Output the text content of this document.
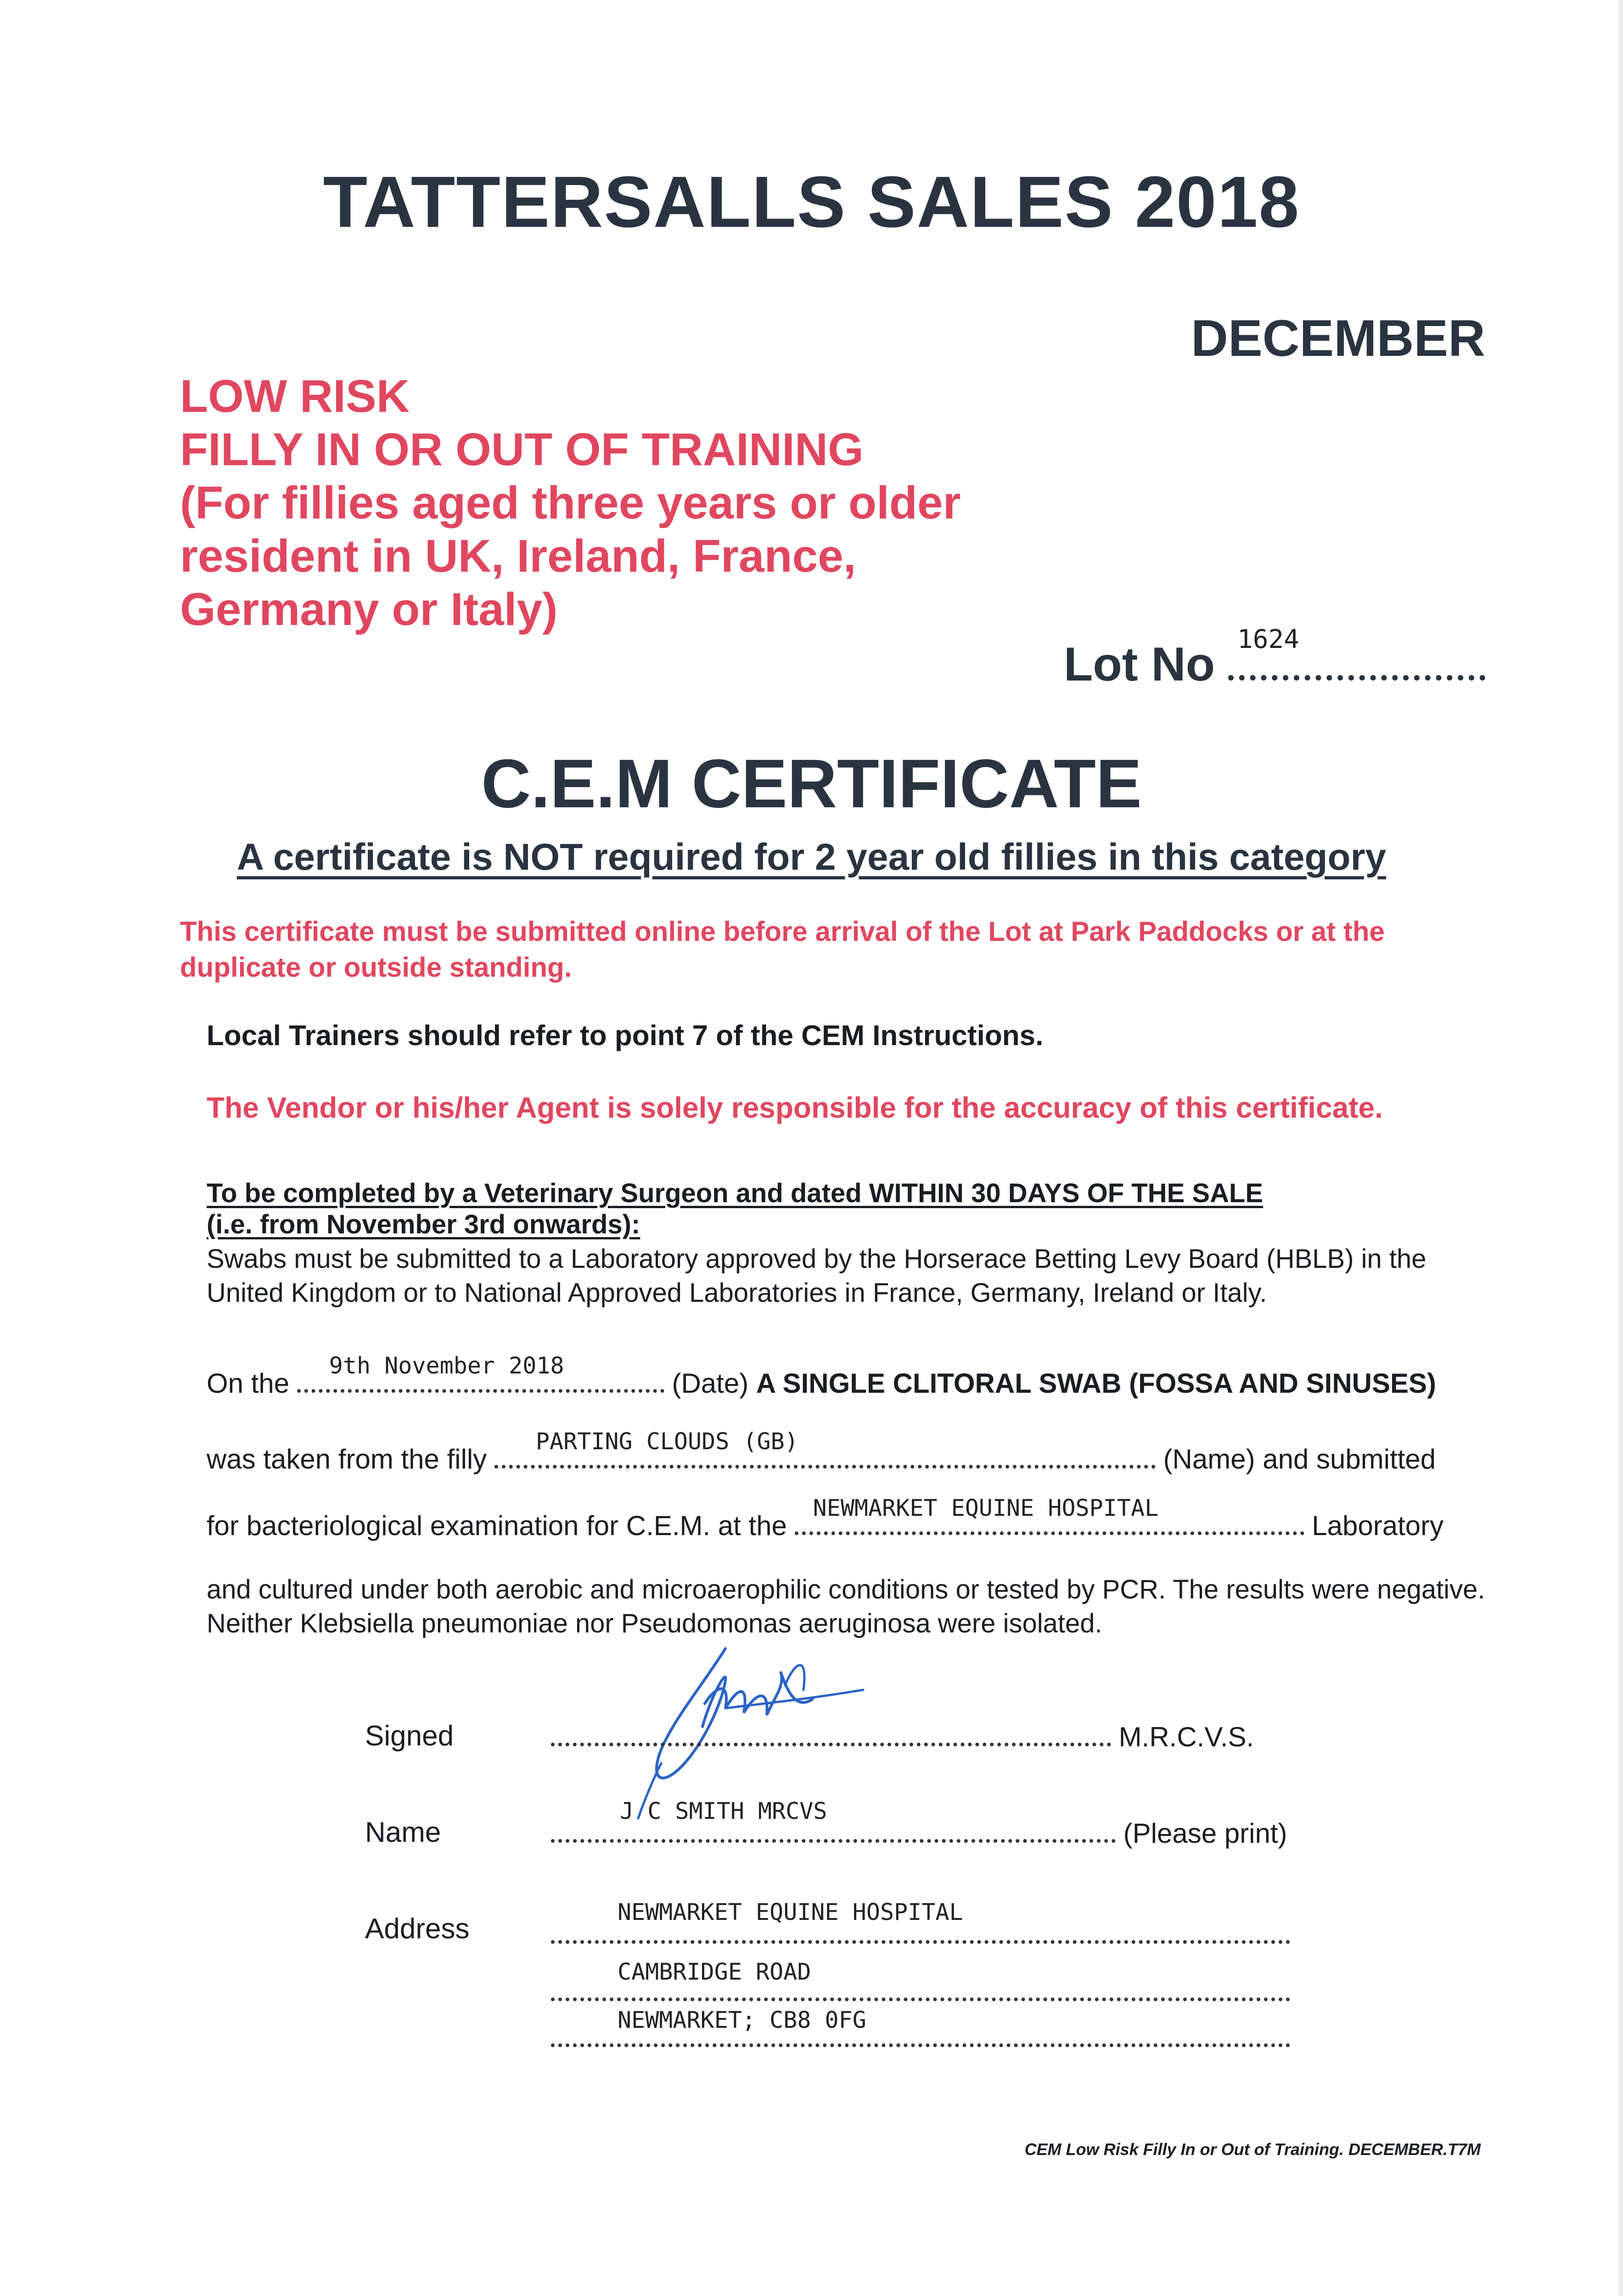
TATTERSALLS SALES 2018
DECEMBER
LOW RISK
FILLY IN OR OUT OF TRAINING
(For fillies aged three years or older
resident in UK, Ireland, France,
Germany or Italy)
Lot No 1624
C.E.M CERTIFICATE
A certificate is NOT required for 2 year old fillies in this category
This certificate must be submitted online before arrival of the Lot at Park Paddocks or at the duplicate or outside standing.
Local Trainers should refer to point 7 of the CEM Instructions.
The Vendor or his/her Agent is solely responsible for the accuracy of this certificate.
To be completed by a Veterinary Surgeon and dated WITHIN 30 DAYS OF THE SALE
(i.e. from November 3rd onwards):
Swabs must be submitted to a Laboratory approved by the Horserace Betting Levy Board (HBLB) in the United Kingdom or to National Approved Laboratories in France, Germany, Ireland or Italy.
On the
9th November 2018
(Date) A SINGLE CLITORAL SWAB (FOSSA AND SINUSES)
was taken from the filly
PARTING CLOUDS (GB)
(Name) and submitted
for bacteriological examination for C.E.M. at the
NEWMARKET EQUINE HOSPITAL
Laboratory
and cultured under both aerobic and microaerophilic conditions or tested by PCR. The results were negative. Neither Klebsiella pneumoniae nor Pseudomonas aeruginosa were isolated.
Signed	M.R.C.V.S.
Name
J C SMITH MRCVS
(Please print)
Address
NEWMARKET EQUINE HOSPITAL
CAMBRIDGE ROAD
NEWMARKET; CB8 0FG
CEM Low Risk Filly In or Out of Training. DECEMBER.T7M
